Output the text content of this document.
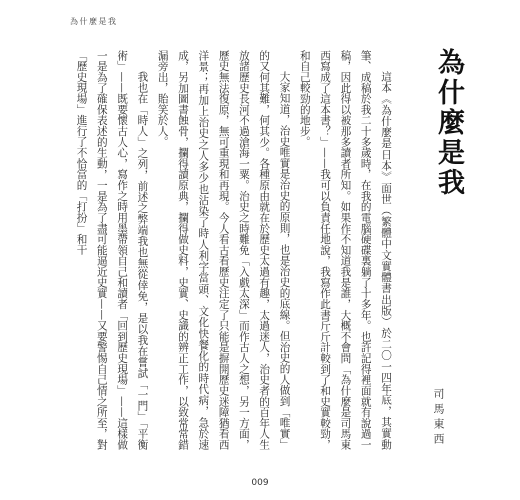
為什麼是我
為什麼是我
司馬東西

這本《為什麼是日本》面世（繁體中文實體書出版）於二〇一四年底，其實動筆、成稿於我二十多歲時，在我的電腦硬碟裏躺了十多年。也許記得裡面就有說過一稿，因此得以被那多讀者所知。如果作不知道我是誰，大概不會問「為什麼是司馬東西寫成了這本書？」——我可以負責任地說，我寫作此書斤斤計較到了和史實較勁，和自己較勁的地步。

大家知道，治史唯實是治史的原則，也是治史的底線。但治史的人做到「唯實」的又何其難，何其少。各種原由就在於歷史太過有趣，太過迷人，治史者的百年人生放諸歷史長河不過滄海一粟。治史之時難免「入戲太深」而作古人之想，另一方面，歷史無法復原，無可重現和再現。今人看古看歷史注定了只能是摒開歷史迷障猶看西洋景；再加上治史之人多少也沾染了時人利字當頭、文化快餐化的時代病，急於速成，另加圖書蝕骨，攔得讀原典，攔得做史料，史實、史識的辨正工作，以致常常錯漏旁出，貽笑於人。

我也在「時人」之列，前述之弊端我也無從倖免，是以我在嘗試「一門」「平衡術」——既要懷古人心，寫作之時用墨帶領自己和讀者「回到歷史現場」——這樣做一是為了確保表述的生動，一是為了盡可能逼近史實——又要警惕自己情之所至，對「歷史現場」進行了不恰當的「打扮」和干

009
